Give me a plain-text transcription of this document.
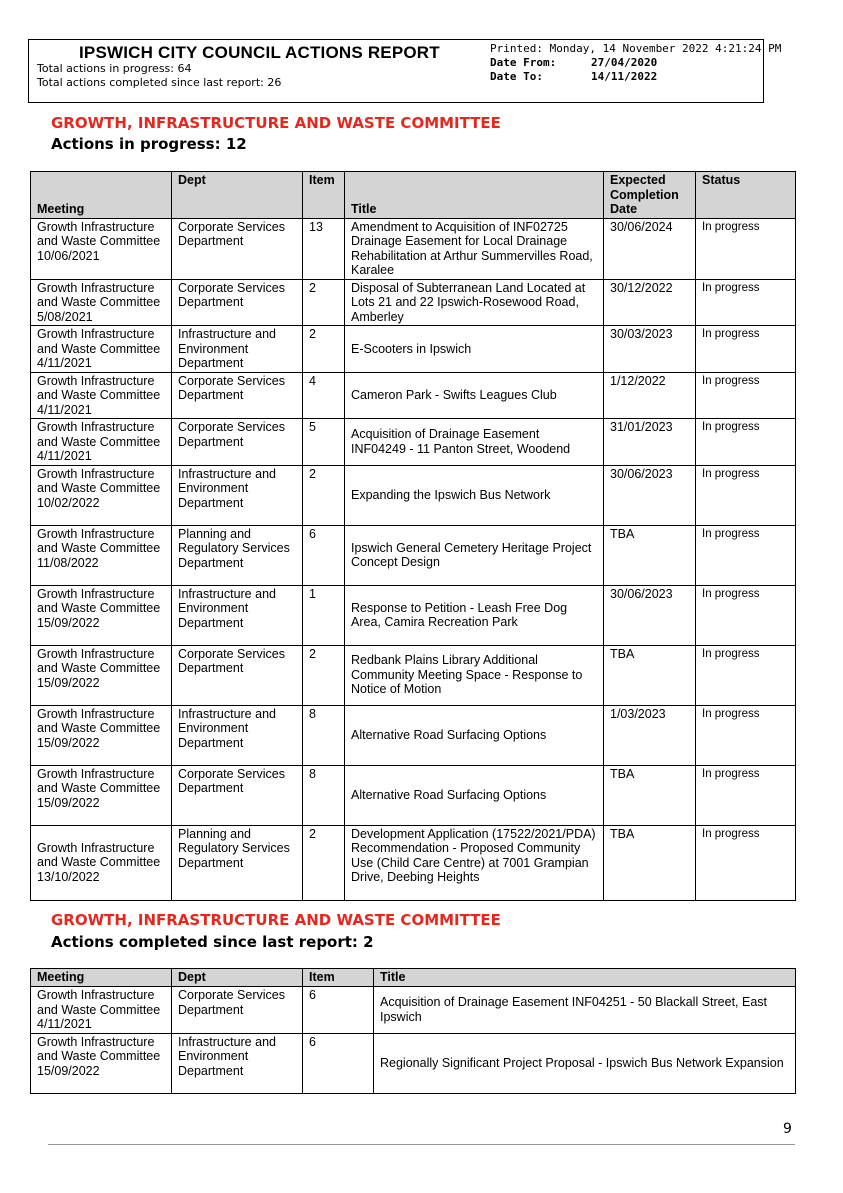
IPSWICH CITY COUNCIL ACTIONS REPORT
Total actions in progress: 64
Total actions completed since last report: 26
Printed: Monday, 14 November 2022 4:21:24 PM
Date From:	27/04/2020
Date To:	14/11/2022
GROWTH, INFRASTRUCTURE AND WASTE COMMITTEE
Actions in progress: 12
Meeting	Dept	Item	Title	Expected Completion Date	Status
Growth Infrastructure and Waste Committee 10/06/2021	Corporate Services Department	13	Amendment to Acquisition of INF02725 Drainage Easement for Local Drainage Rehabilitation at Arthur Summervilles Road, Karalee	30/06/2024	In progress
Growth Infrastructure and Waste Committee 5/08/2021	Corporate Services Department	2	Disposal of Subterranean Land Located at Lots 21 and 22 Ipswich-Rosewood Road, Amberley	30/12/2022	In progress
Growth Infrastructure and Waste Committee 4/11/2021	Infrastructure and Environment Department	2	E-Scooters in Ipswich	30/03/2023	In progress
Growth Infrastructure and Waste Committee 4/11/2021	Corporate Services Department	4	Cameron Park - Swifts Leagues Club	1/12/2022	In progress
Growth Infrastructure and Waste Committee 4/11/2021	Corporate Services Department	5	Acquisition of Drainage Easement INF04249 - 11 Panton Street, Woodend	31/01/2023	In progress
Growth Infrastructure and Waste Committee 10/02/2022	Infrastructure and Environment Department	2	Expanding the Ipswich Bus Network	30/06/2023	In progress
Growth Infrastructure and Waste Committee 11/08/2022	Planning and Regulatory Services Department	6	Ipswich General Cemetery Heritage Project Concept Design	TBA	In progress
Growth Infrastructure and Waste Committee 15/09/2022	Infrastructure and Environment Department	1	Response to Petition - Leash Free Dog Area, Camira Recreation Park	30/06/2023	In progress
Growth Infrastructure and Waste Committee 15/09/2022	Corporate Services Department	2	Redbank Plains Library Additional Community Meeting Space - Response to Notice of Motion	TBA	In progress
Growth Infrastructure and Waste Committee 15/09/2022	Infrastructure and Environment Department	8	Alternative Road Surfacing Options	1/03/2023	In progress
Growth Infrastructure and Waste Committee 15/09/2022	Corporate Services Department	8	Alternative Road Surfacing Options	TBA	In progress
Growth Infrastructure and Waste Committee 13/10/2022	Planning and Regulatory Services Department	2	Development Application (17522/2021/PDA) Recommendation - Proposed Community Use (Child Care Centre) at 7001 Grampian Drive, Deebing Heights	TBA	In progress
GROWTH, INFRASTRUCTURE AND WASTE COMMITTEE
Actions completed since last report: 2
Meeting	Dept	Item	Title
Growth Infrastructure and Waste Committee 4/11/2021	Corporate Services Department	6	Acquisition of Drainage Easement INF04251 - 50 Blackall Street, East Ipswich
Growth Infrastructure and Waste Committee 15/09/2022	Infrastructure and Environment Department	6	Regionally Significant Project Proposal - Ipswich Bus Network Expansion
9
